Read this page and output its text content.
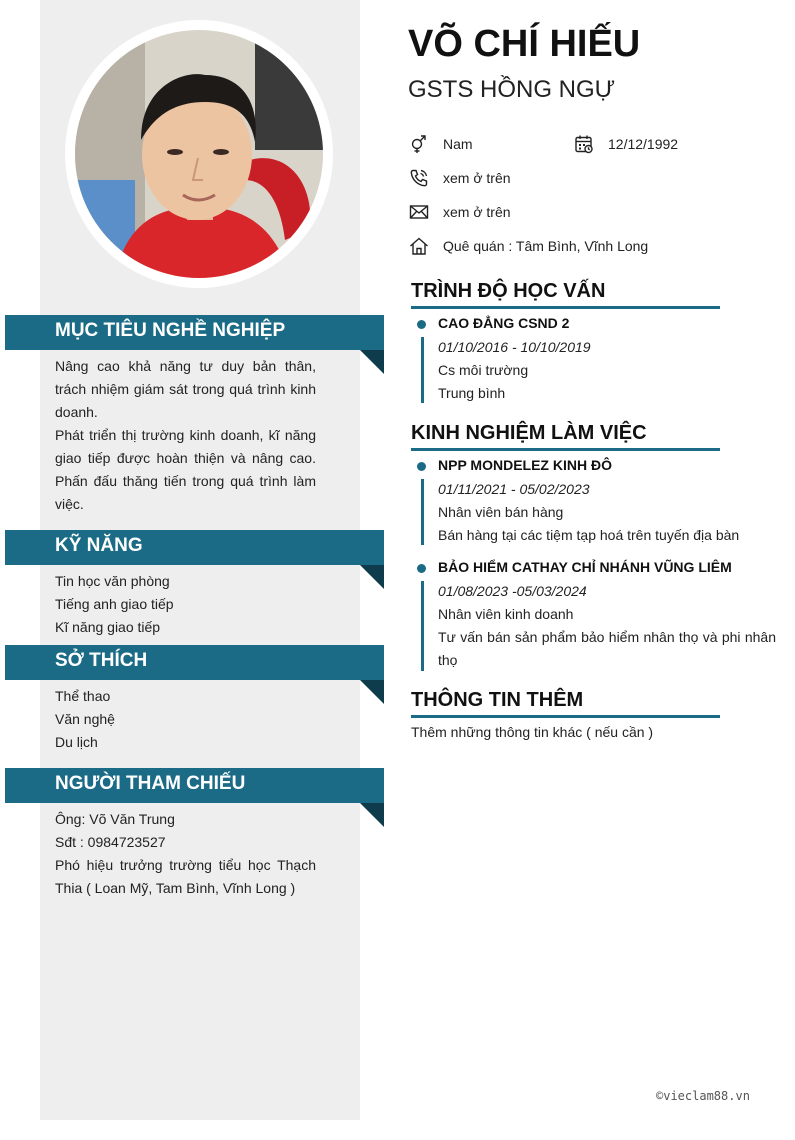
MỤC TIÊU NGHỀ NGHIỆP
Nâng cao khả năng tư duy bản thân, trách nhiệm giám sát trong quá trình kinh doanh.
Phát triển thị trường kinh doanh, kĩ năng giao tiếp được hoàn thiện và nâng cao. Phấn đấu thăng tiến trong quá trình làm việc.
KỸ NĂNG
Tin học văn phòng
Tiếng anh giao tiếp
Kĩ năng giao tiếp
SỞ THÍCH
Thể thao
Văn nghệ
Du lịch
NGƯỜI THAM CHIẾU
Ông: Võ Văn Trung
Sđt : 0984723527
Phó hiệu trưởng trường tiểu học Thạch Thia ( Loan Mỹ, Tam Bình, Vĩnh Long )
VÕ CHÍ HIẾU
GSTS HỒNG NGỰ
Nam	12/12/1992
xem ở trên
xem ở trên
Quê quán : Tâm Bình, Vĩnh Long
TRÌNH ĐỘ HỌC VẤN
CAO ĐẲNG CSND 2
01/10/2016 - 10/10/2019
Cs môi trường
Trung bình
KINH NGHIỆM LÀM VIỆC
NPP MONDELEZ KINH ĐÔ
01/11/2021 - 05/02/2023
Nhân viên bán hàng
Bán hàng tại các tiệm tạp hoá trên tuyến địa bàn
BẢO HIỂM CATHAY CHỈ NHÁNH VŨNG LIÊM
01/08/2023 -05/03/2024
Nhân viên kinh doanh
Tư vấn bán sản phẩm bảo hiểm nhân thọ và phi nhân thọ
THÔNG TIN THÊM
Thêm những thông tin khác ( nếu cần )
©vieclam88.vn
